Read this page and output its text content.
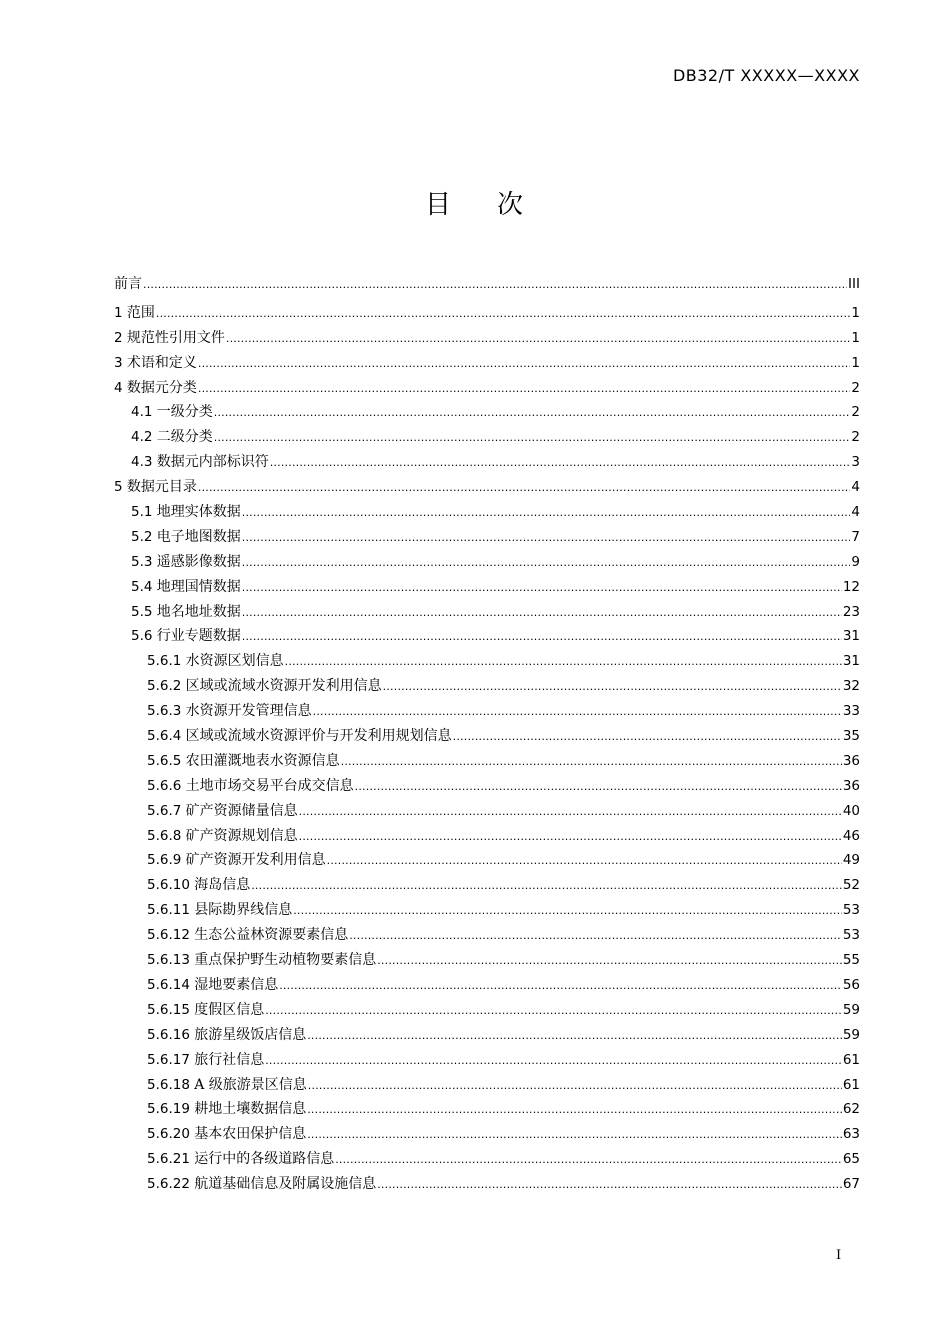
DB32/T XXXXX—XXXX
目 次
前言 .....	III
1 范围 .....	1
2 规范性引用文件 .....	1
3 术语和定义 .....	1
4 数据元分类 .....	2
4.1 一级分类 .....	2
4.2 二级分类 .....	2
4.3 数据元内部标识符 .....	3
5 数据元目录 .....	4
5.1 地理实体数据 .....	4
5.2 电子地图数据 .....	7
5.3 遥感影像数据 .....	9
5.4 地理国情数据 .....	12
5.5 地名地址数据 .....	23
5.6 行业专题数据 .....	31
5.6.1 水资源区划信息 .....	31
5.6.2 区域或流域水资源开发利用信息 .....	32
5.6.3 水资源开发管理信息 .....	33
5.6.4 区域或流域水资源评价与开发利用规划信息 .....	35
5.6.5 农田灌溉地表水资源信息 .....	36
5.6.6 土地市场交易平台成交信息 .....	36
5.6.7 矿产资源储量信息 .....	40
5.6.8 矿产资源规划信息 .....	46
5.6.9 矿产资源开发利用信息 .....	49
5.6.10 海岛信息 .....	52
5.6.11 县际勘界线信息 .....	53
5.6.12 生态公益林资源要素信息 .....	53
5.6.13 重点保护野生动植物要素信息 .....	55
5.6.14 湿地要素信息 .....	56
5.6.15 度假区信息 .....	59
5.6.16 旅游星级饭店信息 .....	59
5.6.17 旅行社信息 .....	61
5.6.18 A 级旅游景区信息 .....	61
5.6.19 耕地土壤数据信息 .....	62
5.6.20 基本农田保护信息 .....	63
5.6.21 运行中的各级道路信息 .....	65
5.6.22 航道基础信息及附属设施信息 .....	67
I
